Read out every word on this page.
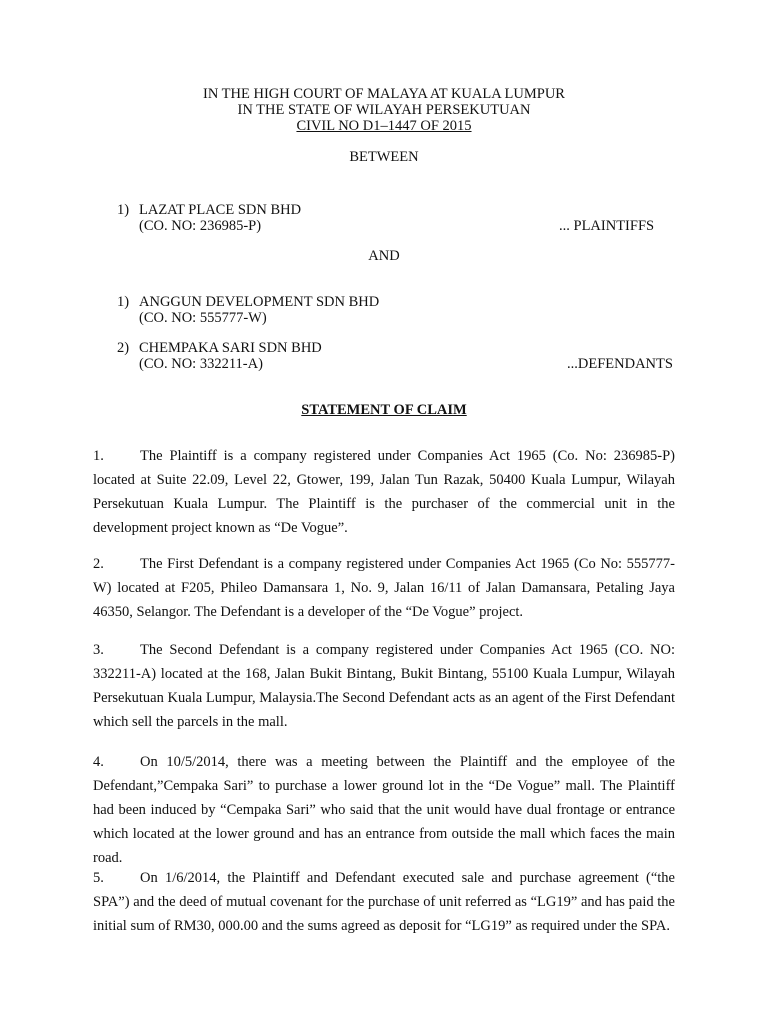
IN THE HIGH COURT OF MALAYA AT KUALA LUMPUR
IN THE STATE OF WILAYAH PERSEKUTUAN
CIVIL NO D1–1447 OF 2015
BETWEEN
1) LAZAT PLACE SDN BHD
(CO. NO: 236985-P)	... PLAINTIFFS
AND
1) ANGGUN DEVELOPMENT SDN BHD
(CO. NO: 555777-W)
2) CHEMPAKA SARI SDN BHD
(CO. NO: 332211-A)	...DEFENDANTS
STATEMENT OF CLAIM

1. The Plaintiff is a company registered under Companies Act 1965 (Co. No: 236985-P) located at Suite 22.09, Level 22, Gtower, 199, Jalan Tun Razak, 50400 Kuala Lumpur, Wilayah Persekutuan Kuala Lumpur. The Plaintiff is the purchaser of the commercial unit in the development project known as “De Vogue”.

2. The First Defendant is a company registered under Companies Act 1965 (Co No: 555777-W) located at F205, Phileo Damansara 1, No. 9, Jalan 16/11 of Jalan Damansara, Petaling Jaya 46350, Selangor. The Defendant is a developer of the “De Vogue” project.

3. The Second Defendant is a company registered under Companies Act 1965 (CO. NO: 332211-A) located at the 168, Jalan Bukit Bintang, Bukit Bintang, 55100 Kuala Lumpur, Wilayah Persekutuan Kuala Lumpur, Malaysia.The Second Defendant acts as an agent of the First Defendant which sell the parcels in the mall.

4. On 10/5/2014, there was a meeting between the Plaintiff and the employee of the Defendant,”Cempaka Sari” to purchase a lower ground lot in the “De Vogue” mall. The Plaintiff had been induced by “Cempaka Sari” who said that the unit would have dual frontage or entrance which located at the lower ground and has an entrance from outside the mall which faces the main road.

5. On 1/6/2014, the Plaintiff and Defendant executed sale and purchase agreement (“the SPA”) and the deed of mutual covenant for the purchase of unit referred as “LG19” and has paid the initial sum of RM30, 000.00 and the sums agreed as deposit for “LG19” as required under the SPA.
